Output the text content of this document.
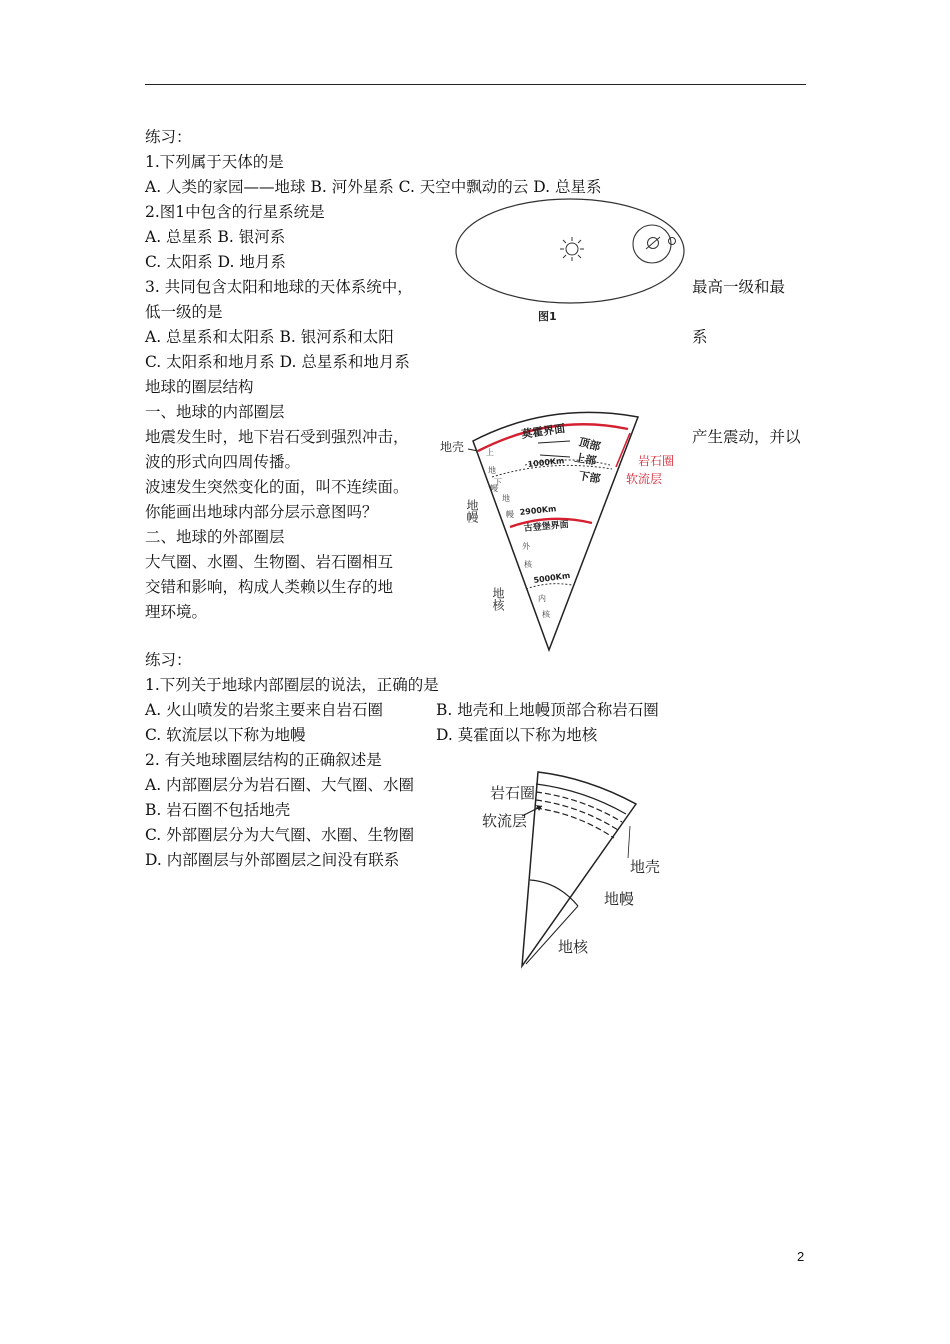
练习：
1.下列属于天体的是
A. 人类的家园——地球 B. 河外星系 C. 天空中飘动的云 D. 总星系
2.图1中包含的行星系统是
A. 总星系 B. 银河系
C. 太阳系 D. 地月系
3. 共同包含太阳和地球的天体系统中，	最高一级和最
低一级的是
A. 总星系和太阳系 B. 银河系和太阳	系
C. 太阳系和地月系 D. 总星系和地月系
地球的圈层结构
一、地球的内部圈层
地震发生时，地下岩石受到强烈冲击，	产生震动，并以
波的形式向四周传播。
波速发生突然变化的面，叫不连续面。
你能画出地球内部分层示意图吗？
二、地球的外部圈层
大气圈、水圈、生物圈、岩石圈相互
交错和影响，构成人类赖以生存的地
理环境。
图1
地壳
莫霍界面
顶部
上部
下部
1000Km	岩石圈
软流层
地幔
上
地
幔
下
地
幔 2900Km
古登堡界面
5000Km
外
核
地核	内
核
练习：
1.下列关于地球内部圈层的说法，正确的是
A. 火山喷发的岩浆主要来自岩石圈	B. 地壳和上地幔顶部合称岩石圈
C. 软流层以下称为地幔	D. 莫霍面以下称为地核
2. 有关地球圈层结构的正确叙述是
A. 内部圈层分为岩石圈、大气圈、水圈
B. 岩石圈不包括地壳
C. 外部圈层分为大气圈、水圈、生物圈
D. 内部圈层与外部圈层之间没有联系
岩石圈
软流层
地壳
地幔
地核
2
